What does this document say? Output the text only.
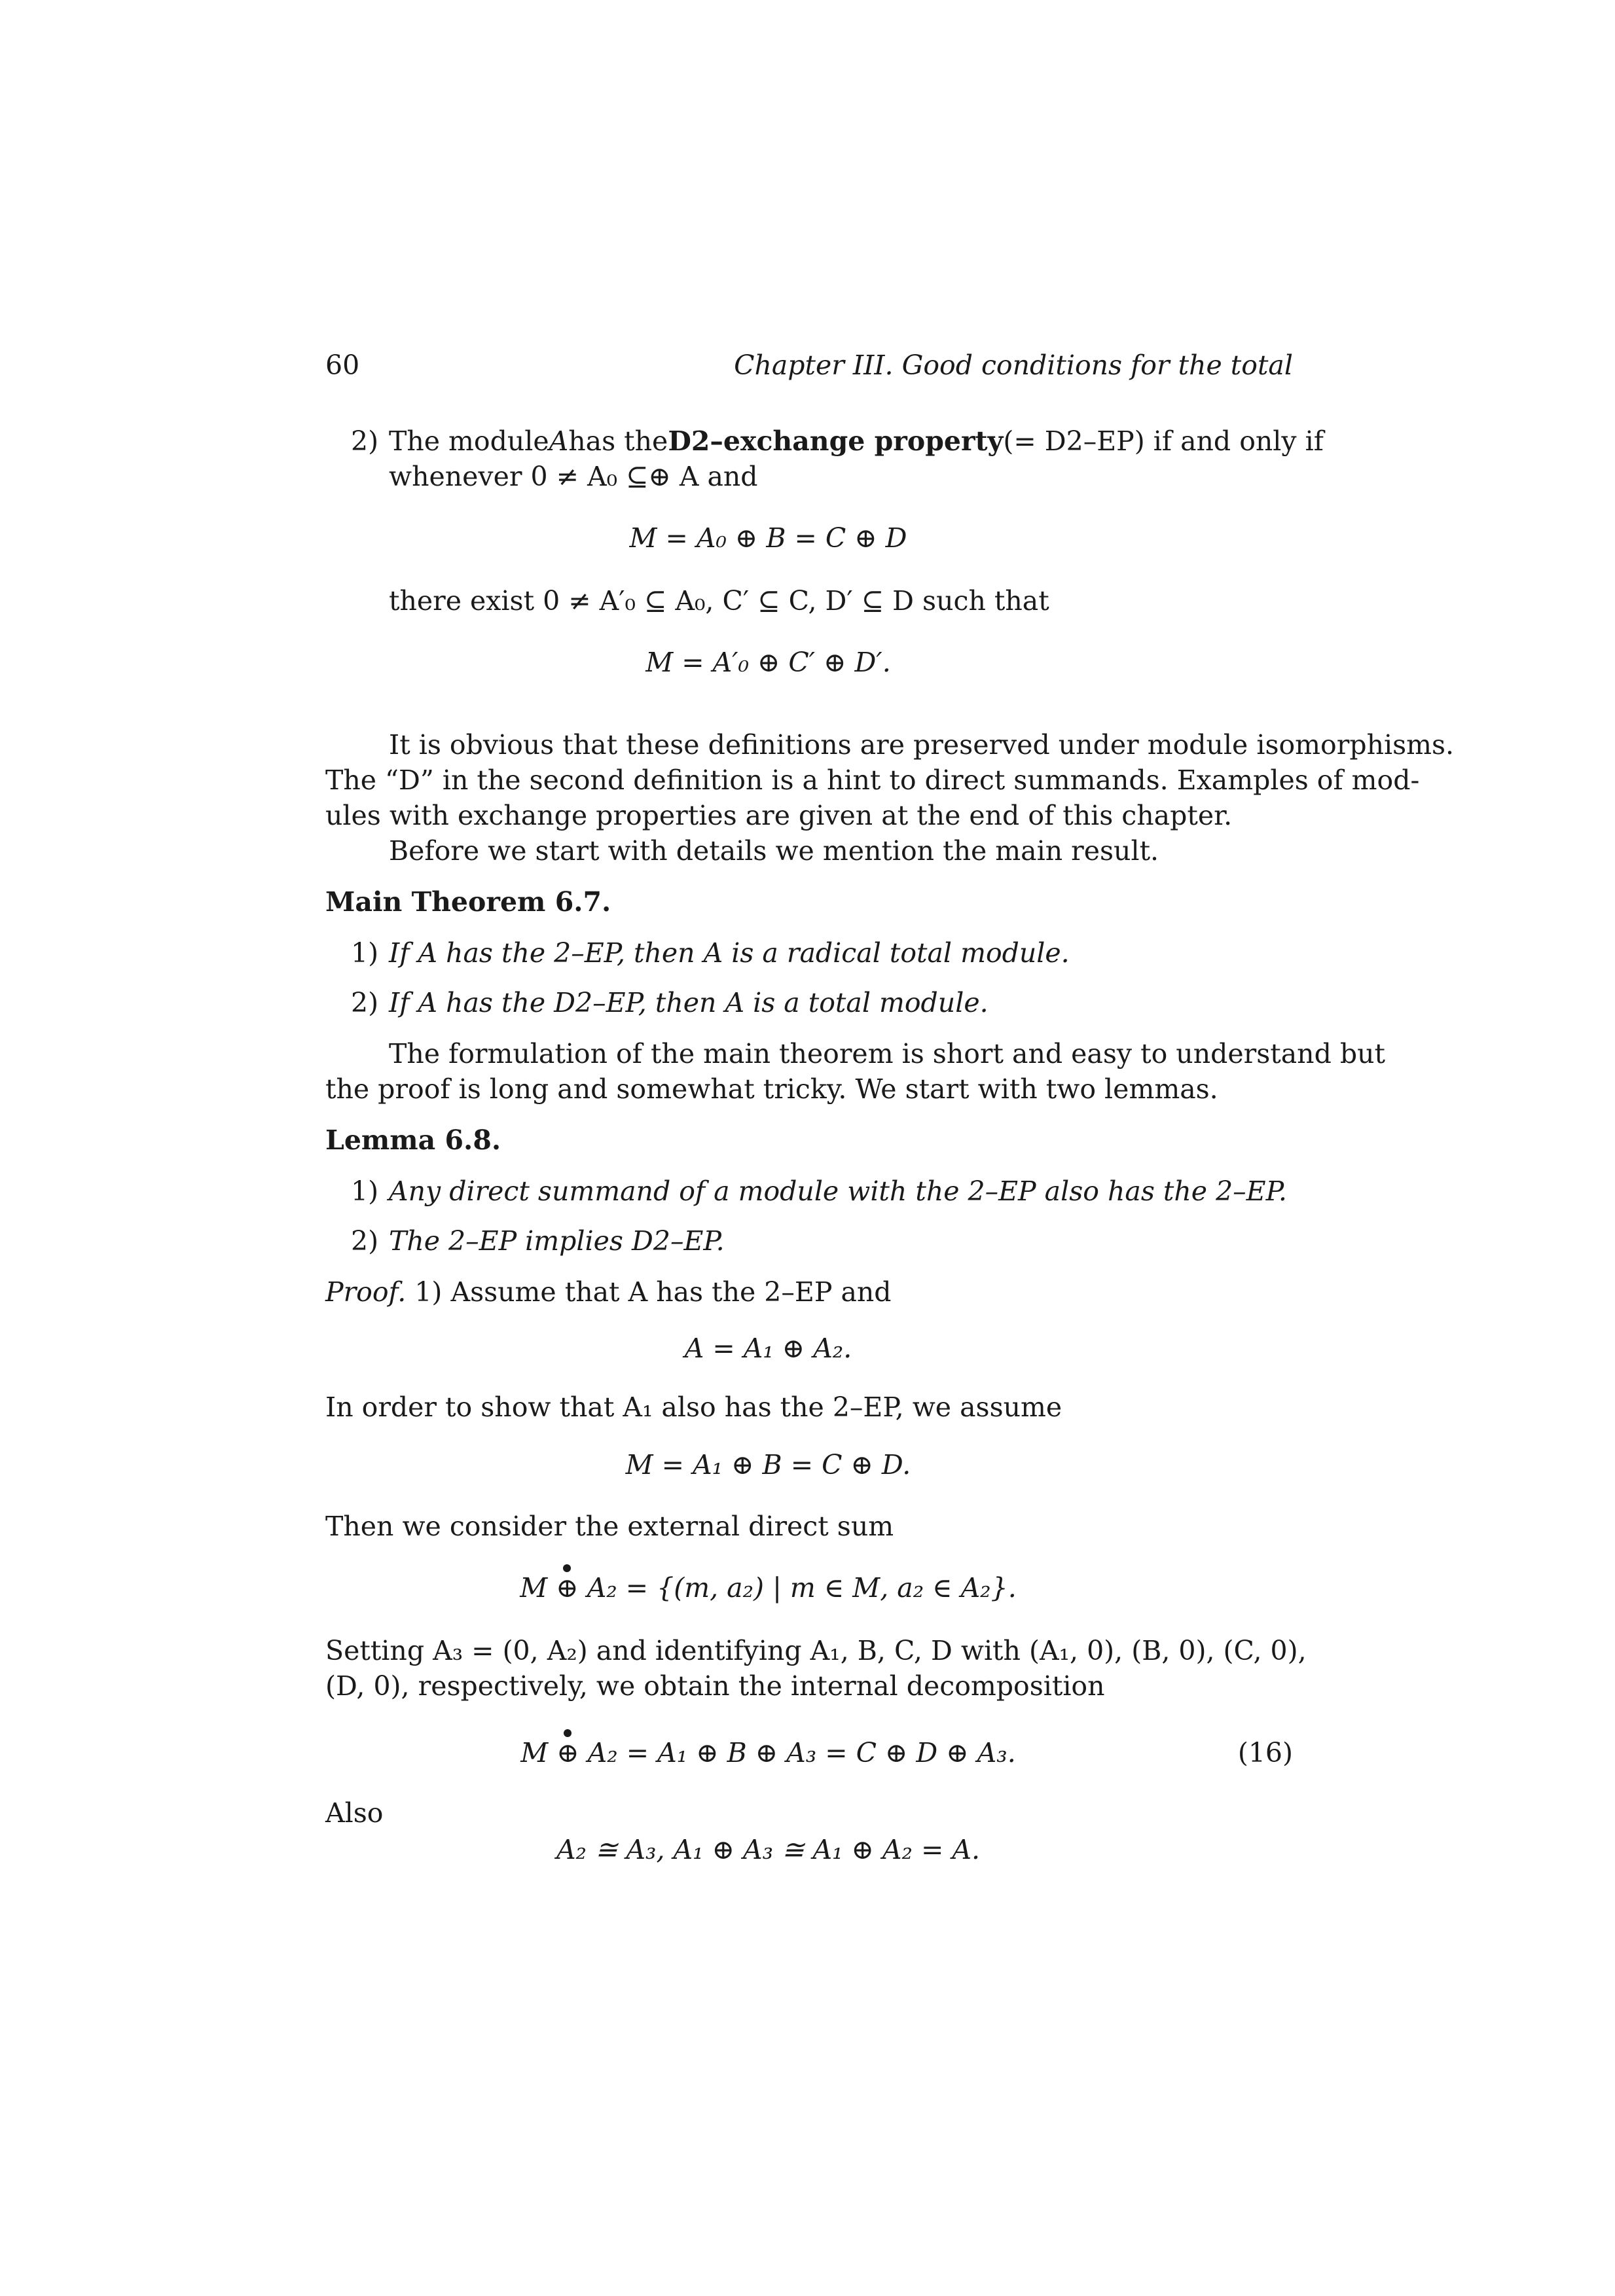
60	Chapter III. Good conditions for the total
2) The module A has the D2–exchange property (= D2–EP) if and only if
whenever 0 ≠ A₀ ⊆⊕ A and
M = A₀ ⊕ B = C ⊕ D
there exist 0 ≠ A′₀ ⊆ A₀, C′ ⊆ C, D′ ⊆ D such that
M = A′₀ ⊕ C′ ⊕ D′.
It is obvious that these definitions are preserved under module isomorphisms.
The “D” in the second definition is a hint to direct summands. Examples of mod-
ules with exchange properties are given at the end of this chapter.
Before we start with details we mention the main result.
Main Theorem 6.7.
1) If A has the 2–EP, then A is a radical total module.
2) If A has the D2–EP, then A is a total module.
The formulation of the main theorem is short and easy to understand but
the proof is long and somewhat tricky. We start with two lemmas.
Lemma 6.8.
1) Any direct summand of a module with the 2–EP also has the 2–EP.
2) The 2–EP implies D2–EP.
Proof. 1) Assume that A has the 2–EP and
A = A₁ ⊕ A₂.
In order to show that A₁ also has the 2–EP, we assume
M = A₁ ⊕ B = C ⊕ D.
Then we consider the external direct sum
M ⊕ A₂ = {(m, a₂) | m ∈ M, a₂ ∈ A₂}.
Setting A₃ = (0, A₂) and identifying A₁, B, C, D with (A₁, 0), (B, 0), (C, 0),
(D, 0), respectively, we obtain the internal decomposition
M ⊕ A₂ = A₁ ⊕ B ⊕ A₃ = C ⊕ D ⊕ A₃.	(16)
Also
A₂ ≅ A₃, A₁ ⊕ A₃ ≅ A₁ ⊕ A₂ = A.
